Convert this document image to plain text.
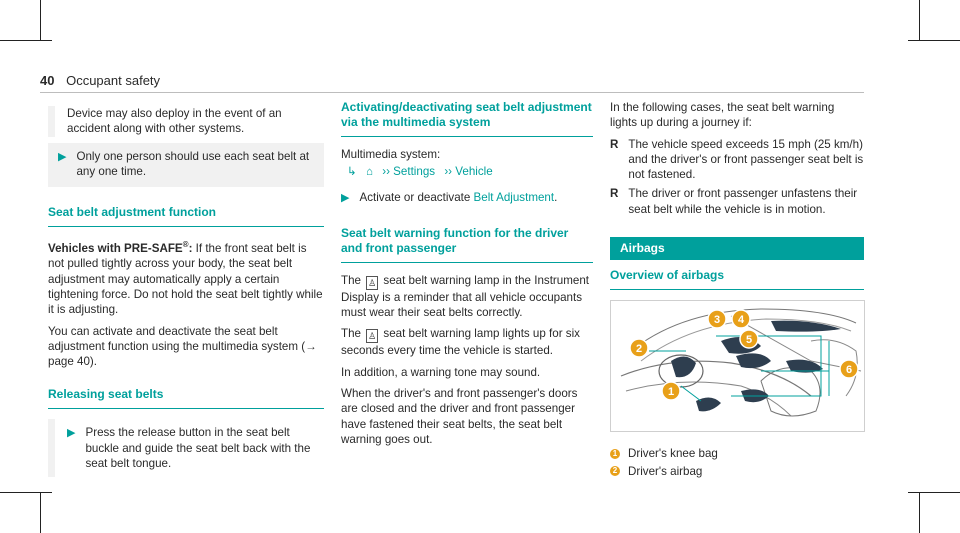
40 Occupant safety

Device may also deploy in the event of an accident along with other systems.

▶ Only one person should use each seat belt at any one time.

Seat belt adjustment function

Vehicles with PRE‑SAFE®: If the front seat belt is not pulled tightly across your body, the seat belt adjustment may automatically apply a certain tightening force. Do not hold the seat belt tightly while it is adjusting.

You can activate and deactivate the seat belt adjustment function using the multimedia system (→ page 40).

Releasing seat belts

▶ Press the release button in the seat belt buckle and guide the seat belt back with the seat belt tongue.

Activating/deactivating seat belt adjustment via the multimedia system

Multimedia system:

↳ ⌂ ›› Settings ›› Vehicle
▶ Activate or deactivate Belt Adjustment.

Seat belt warning function for the driver and front passenger

The ♙ seat belt warning lamp in the Instrument Display is a reminder that all vehicle occupants must wear their seat belts correctly.

The ♙ seat belt warning lamp lights up for six seconds every time the vehicle is started.

In addition, a warning tone may sound.

When the driver's and front passenger's doors are closed and the driver and front passenger have fastened their seat belts, the seat belt warning goes out.

In the following cases, the seat belt warning lights up during a journey if:

R The vehicle speed exceeds 15 mph (25 km/h) and the driver's or front passenger seat belt is not fastened.
R The driver or front passenger unfastens their seat belt while the vehicle is in motion.
Airbags

Overview of airbags

1
2
3 4
5
6
1 Driver's knee bag
2 Driver's airbag
